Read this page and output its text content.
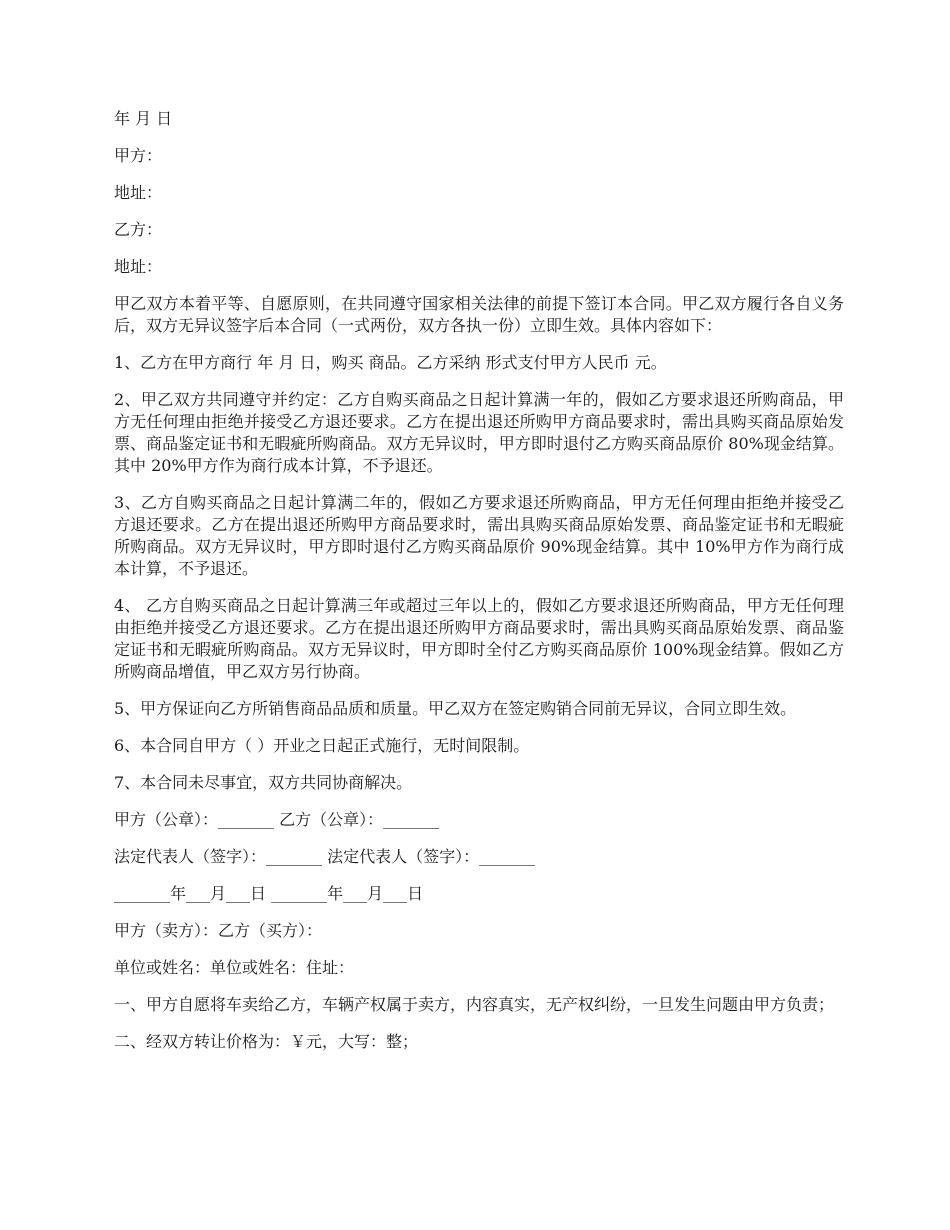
年 月 日

甲方：

地址：

乙方：

地址：

甲乙双方本着平等、自愿原则，在共同遵守国家相关法律的前提下签订本合同。甲乙双方履行各自义务后，双方无异议签字后本合同（一式两份，双方各执一份）立即生效。具体内容如下：

1、乙方在甲方商行 年 月 日，购买 商品。乙方采纳 形式支付甲方人民币 元。

2、甲乙双方共同遵守并约定：乙方自购买商品之日起计算满一年的，假如乙方要求退还所购商品，甲方无任何理由拒绝并接受乙方退还要求。乙方在提出退还所购甲方商品要求时，需出具购买商品原始发票、商品鉴定证书和无暇疵所购商品。双方无异议时，甲方即时退付乙方购买商品原价 80%现金结算。其中 20%甲方作为商行成本计算，不予退还。

3、乙方自购买商品之日起计算满二年的，假如乙方要求退还所购商品，甲方无任何理由拒绝并接受乙方退还要求。乙方在提出退还所购甲方商品要求时，需出具购买商品原始发票、商品鉴定证书和无暇疵所购商品。双方无异议时，甲方即时退付乙方购买商品原价 90%现金结算。其中 10%甲方作为商行成本计算，不予退还。

4、 乙方自购买商品之日起计算满三年或超过三年以上的，假如乙方要求退还所购商品，甲方无任何理由拒绝并接受乙方退还要求。乙方在提出退还所购甲方商品要求时，需出具购买商品原始发票、商品鉴定证书和无暇疵所购商品。双方无异议时，甲方即时全付乙方购买商品原价 100%现金结算。假如乙方所购商品增值，甲乙双方另行协商。

5、甲方保证向乙方所销售商品品质和质量。甲乙双方在签定购销合同前无异议，合同立即生效。

6、本合同自甲方（ ）开业之日起正式施行，无时间限制。

7、本合同未尽事宜，双方共同协商解决。

甲方（公章）：_______ 乙方（公章）：_______

法定代表人（签字）：_______ 法定代表人（签字）：_______

_______年___月___日 _______年___月___日

甲方（卖方）：乙方（买方）：

单位或姓名：单位或姓名：住址：

一、甲方自愿将车卖给乙方，车辆产权属于卖方，内容真实，无产权纠纷，一旦发生问题由甲方负责；

二、经双方转让价格为：￥元，大写：整；
